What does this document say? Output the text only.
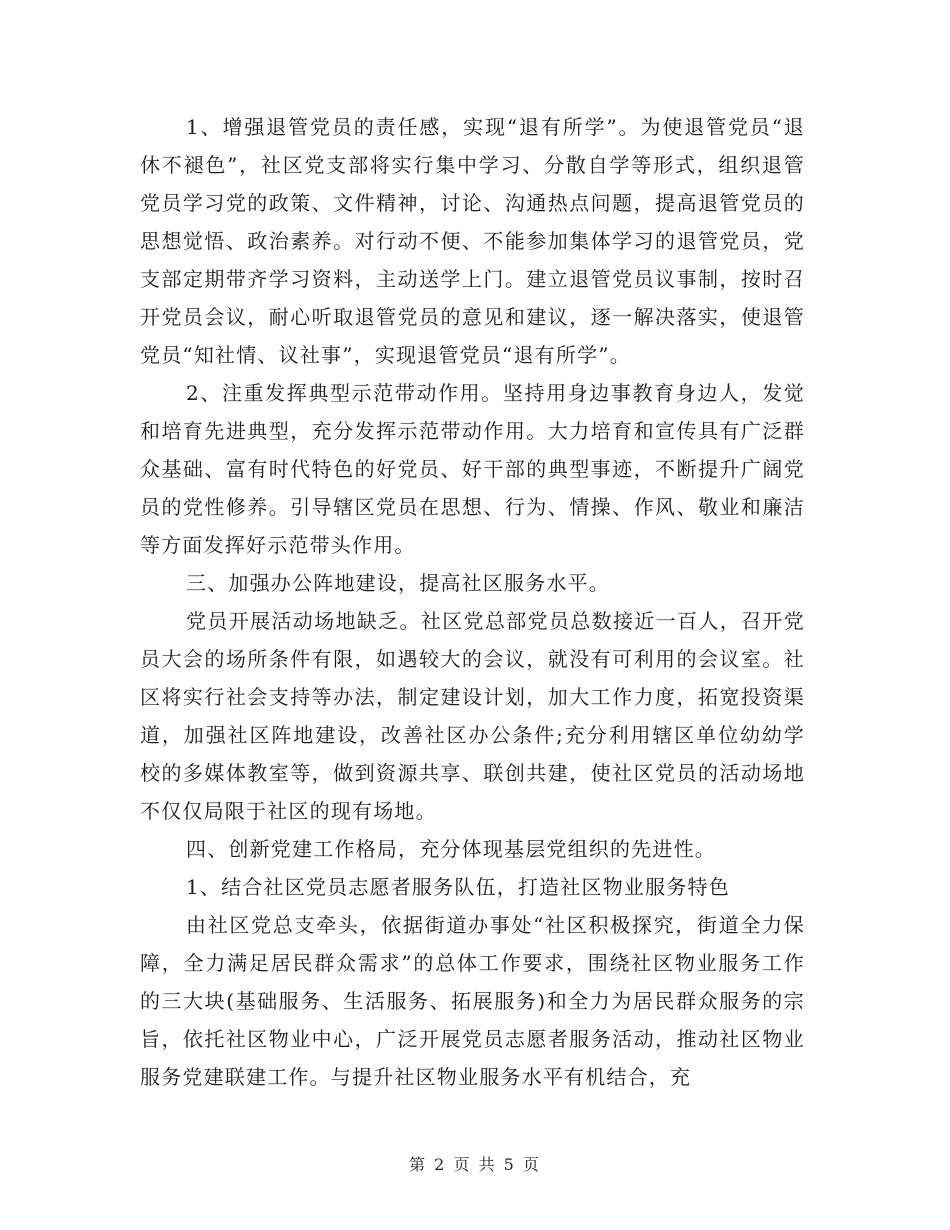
1、增强退管党员的责任感，实现“退有所学”。为使退管党员“退休不褪色”，社区党支部将实行集中学习、分散自学等形式，组织退管党员学习党的政策、文件精神，讨论、沟通热点问题，提高退管党员的思想觉悟、政治素养。对行动不便、不能参加集体学习的退管党员，党支部定期带齐学习资料，主动送学上门。建立退管党员议事制，按时召开党员会议，耐心听取退管党员的意见和建议，逐一解决落实，使退管党员“知社情、议社事”，实现退管党员“退有所学”。

2、注重发挥典型示范带动作用。坚持用身边事教育身边人，发觉和培育先进典型，充分发挥示范带动作用。大力培育和宣传具有广泛群众基础、富有时代特色的好党员、好干部的典型事迹，不断提升广阔党员的党性修养。引导辖区党员在思想、行为、情操、作风、敬业和廉洁等方面发挥好示范带头作用。

三、加强办公阵地建设，提高社区服务水平。

党员开展活动场地缺乏。社区党总部党员总数接近一百人，召开党员大会的场所条件有限，如遇较大的会议，就没有可利用的会议室。社区将实行社会支持等办法，制定建设计划，加大工作力度，拓宽投资渠道，加强社区阵地建设，改善社区办公条件;充分利用辖区单位幼幼学校的多媒体教室等，做到资源共享、联创共建，使社区党员的活动场地不仅仅局限于社区的现有场地。

四、创新党建工作格局，充分体现基层党组织的先进性。

1、结合社区党员志愿者服务队伍，打造社区物业服务特色

由社区党总支牵头，依据街道办事处“社区积极探究，街道全力保障，全力满足居民群众需求”的总体工作要求，围绕社区物业服务工作的三大块(基础服务、生活服务、拓展服务)和全力为居民群众服务的宗旨，依托社区物业中心，广泛开展党员志愿者服务活动，推动社区物业服务党建联建工作。与提升社区物业服务水平有机结合，充

第 2 页 共 5 页
